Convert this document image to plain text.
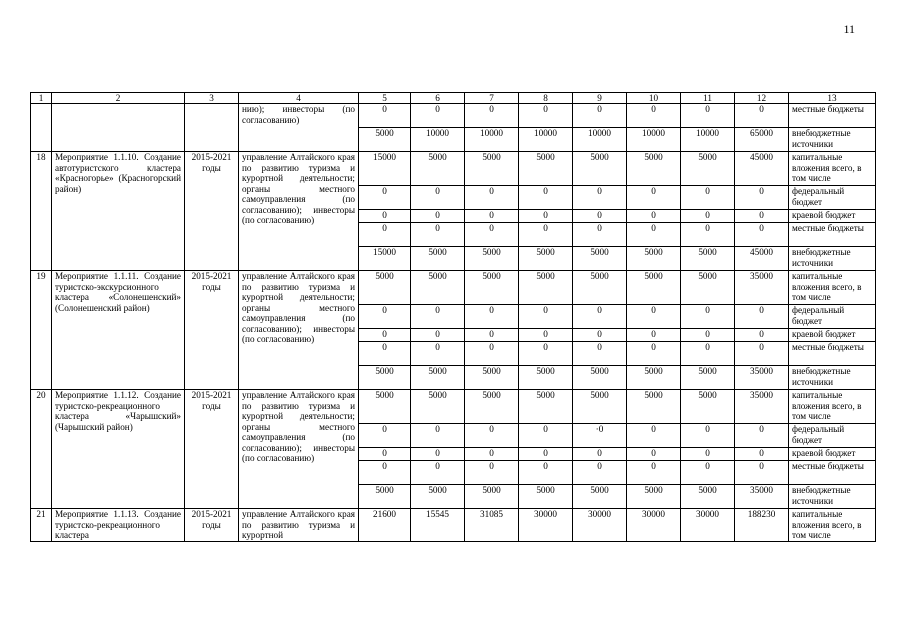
11
1	2	3	4	5	6	7	8	9	10	11	12	13
			нию); инвесторы (по согласованию)	0	0	0	0	0	0	0	0	местные бюджеты
				5000	10000	10000	10000	10000	10000	10000	65000	внебюджетные источники
18	Мероприятие 1.1.10. Создание автотуристского кластера «Красногорье» (Красногорский район)	2015-2021 годы	управление Алтайского края по развитию туризма и курортной деятельности; органы местного самоуправления (по согласованию); инвесторы (по согласованию)	15000	5000	5000	5000	5000	5000	5000	45000	капитальные вложения всего, в том числе
				0	0	0	0	0	0	0	0	федеральный бюджет
				0	0	0	0	0	0	0	0	краевой бюджет
				0	0	0	0	0	0	0	0	местные бюджеты
				15000	5000	5000	5000	5000	5000	5000	45000	внебюджетные источники
19	Мероприятие 1.1.11. Создание туристско-экскурсионного кластера «Солонешенский» (Солонешенский район)	2015-2021 годы	управление Алтайского края по развитию туризма и курортной деятельности; органы местного самоуправления (по согласованию); инвесторы (по согласованию)	5000	5000	5000	5000	5000	5000	5000	35000	капитальные вложения всего, в том числе
				0	0	0	0	0	0	0	0	федеральный бюджет
				0	0	0	0	0	0	0	0	краевой бюджет
				0	0	0	0	0	0	0	0	местные бюджеты
				5000	5000	5000	5000	5000	5000	5000	35000	внебюджетные источники
20	Мероприятие 1.1.12. Создание туристско-рекреационного кластера «Чарышский» (Чарышский район)	2015-2021 годы	управление Алтайского края по развитию туризма и курортной деятельности; органы местного самоуправления (по согласованию); инвесторы (по согласованию)	5000	5000	5000	5000	5000	5000	5000	35000	капитальные вложения всего, в том числе
				0	0	0	0	·0	0	0	0	федеральный бюджет
				0	0	0	0	0	0	0	0	краевой бюджет
				0	0	0	0	0	0	0	0	местные бюджеты
				5000	5000	5000	5000	5000	5000	5000	35000	внебюджетные источники
21	Мероприятие 1.1.13. Создание туристско-рекреационного кластера	2015-2021 годы	управление Алтайского края по развитию туризма и курортной	21600	15545	31085	30000	30000	30000	30000	188230	капитальные вложения всего, в том числе
